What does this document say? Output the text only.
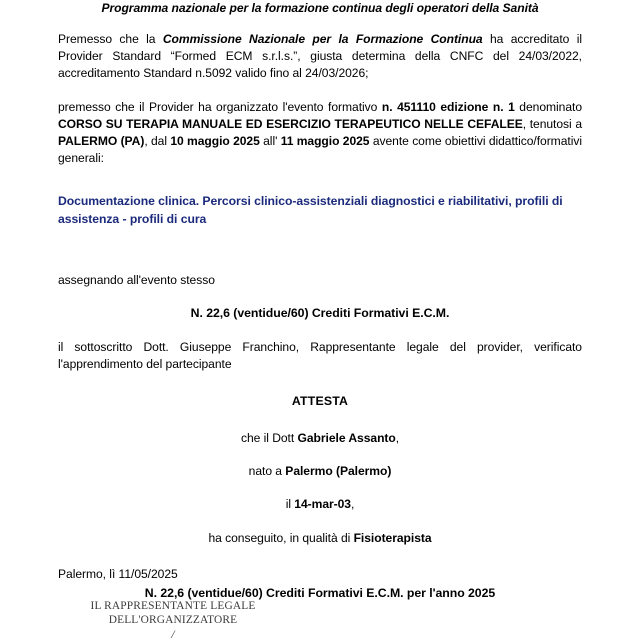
Programma nazionale per la formazione continua degli operatori della Sanità

Premesso che la Commissione Nazionale per la Formazione Continua ha accreditato il Provider Standard “Formed ECM s.r.l.s.”, giusta determina della CNFC del 24/03/2022, accreditamento Standard n.5092 valido fino al 24/03/2026;

premesso che il Provider ha organizzato l'evento formativo n. 451110 edizione n. 1 denominato CORSO SU TERAPIA MANUALE ED ESERCIZIO TERAPEUTICO NELLE CEFALEE, tenutosi a PALERMO (PA), dal 10 maggio 2025 all' 11 maggio 2025 avente come obiettivi didattico/formativi generali:

Documentazione clinica. Percorsi clinico-assistenziali diagnostici e riabilitativi, profili di assistenza - profili di cura

assegnando all'evento stesso

N. 22,6 (ventidue/60) Crediti Formativi E.C.M.

il sottoscritto Dott. Giuseppe Franchino, Rappresentante legale del provider, verificato l'apprendimento del partecipante

ATTESTA

che il Dott Gabriele Assanto,

nato a Palermo (Palermo)

il 14-mar-03,

ha conseguito, in qualità di Fisioterapista

N. 22,6 (ventidue/60) Crediti Formativi E.C.M. per l'anno 2025

Palermo, lì 11/05/2025
IL RAPPRESENTANTE LEGALE
DELL'ORGANIZZATORE
/
